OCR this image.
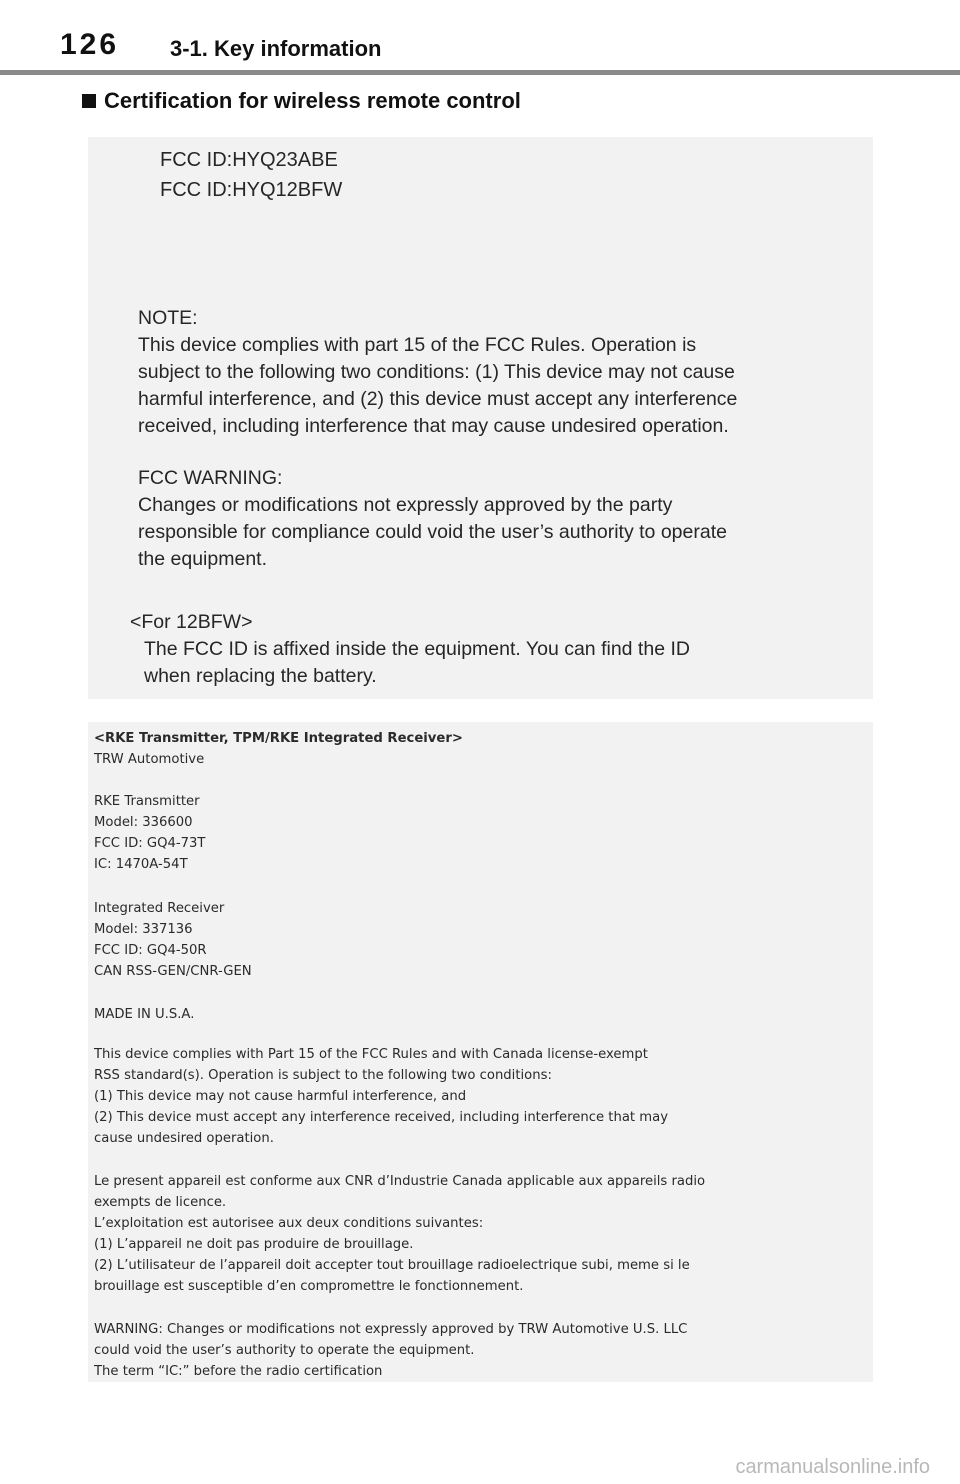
126 3-1. Key information
Certification for wireless remote control
FCC ID:HYQ23ABE
FCC ID:HYQ12BFW
NOTE:
This device complies with part 15 of the FCC Rules. Operation is
subject to the following two conditions: (1) This device may not cause
harmful interference, and (2) this device must accept any interference
received, including interference that may cause undesired operation.
FCC WARNING:
Changes or modifications not expressly approved by the party
responsible for compliance could void the user’s authority to operate
the equipment.
<For 12BFW>
The FCC ID is affixed inside the equipment. You can find the ID
when replacing the battery.
<RKE Transmitter, TPM/RKE Integrated Receiver>
TRW Automotive
RKE Transmitter
Model: 336600
FCC ID: GQ4-73T
IC: 1470A-54T
Integrated Receiver
Model: 337136
FCC ID: GQ4-50R
CAN RSS-GEN/CNR-GEN
MADE IN U.S.A.
This device complies with Part 15 of the FCC Rules and with Canada license-exempt
RSS standard(s). Operation is subject to the following two conditions:
(1) This device may not cause harmful interference, and
(2) This device must accept any interference received, including interference that may
cause undesired operation.
Le present appareil est conforme aux CNR d’Industrie Canada applicable aux appareils radio
exempts de licence.
L’exploitation est autorisee aux deux conditions suivantes:
(1) L’appareil ne doit pas produire de brouillage.
(2) L’utilisateur de l’appareil doit accepter tout brouillage radioelectrique subi, meme si le
brouillage est susceptible d’en compromettre le fonctionnement.
WARNING: Changes or modifications not expressly approved by TRW Automotive U.S. LLC
could void the user’s authority to operate the equipment.
The term “IC:” before the radio certification
carmanualsonline.info
